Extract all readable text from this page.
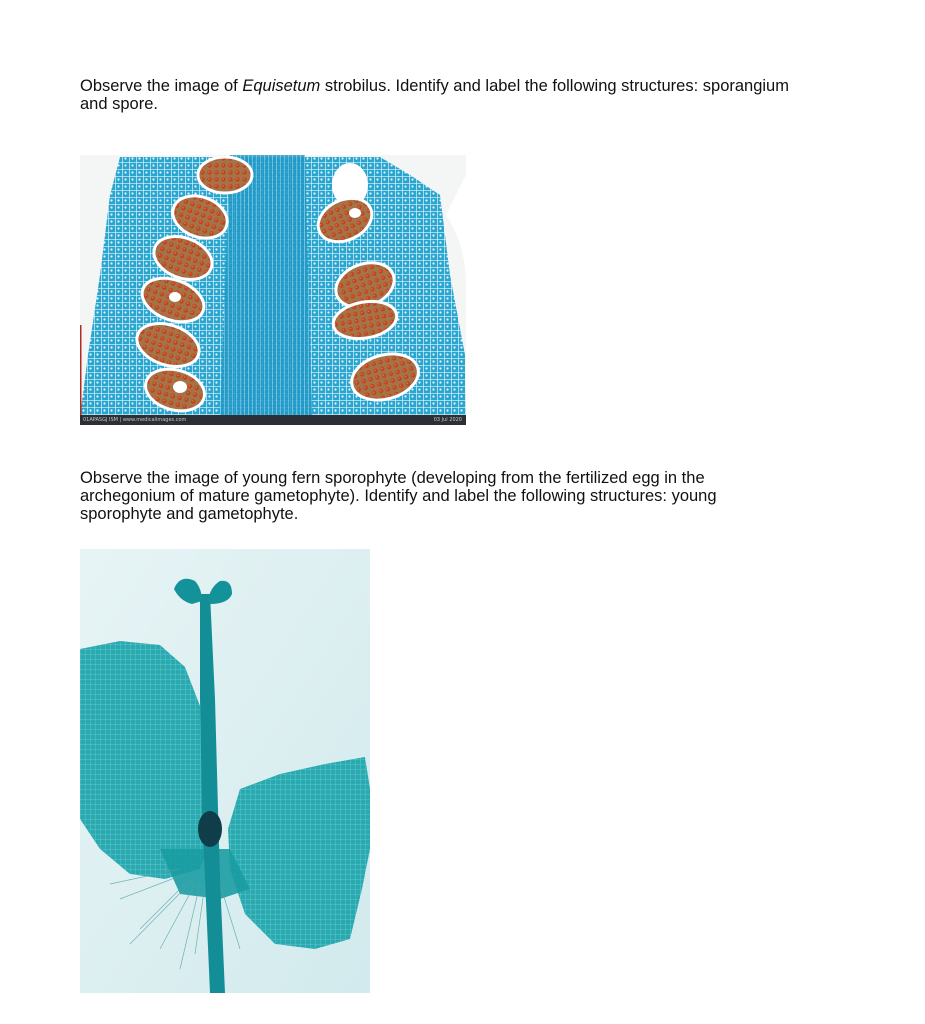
Observe the image of Equisetum strobilus. Identify and label the following structures: sporangium and spore.

01APASGJ ISM | www.medicalimages.com	03 Jul 2020

Observe the image of young fern sporophyte (developing from the fertilized egg in the archegonium of mature gametophyte). Identify and label the following structures: young sporophyte and gametophyte.
